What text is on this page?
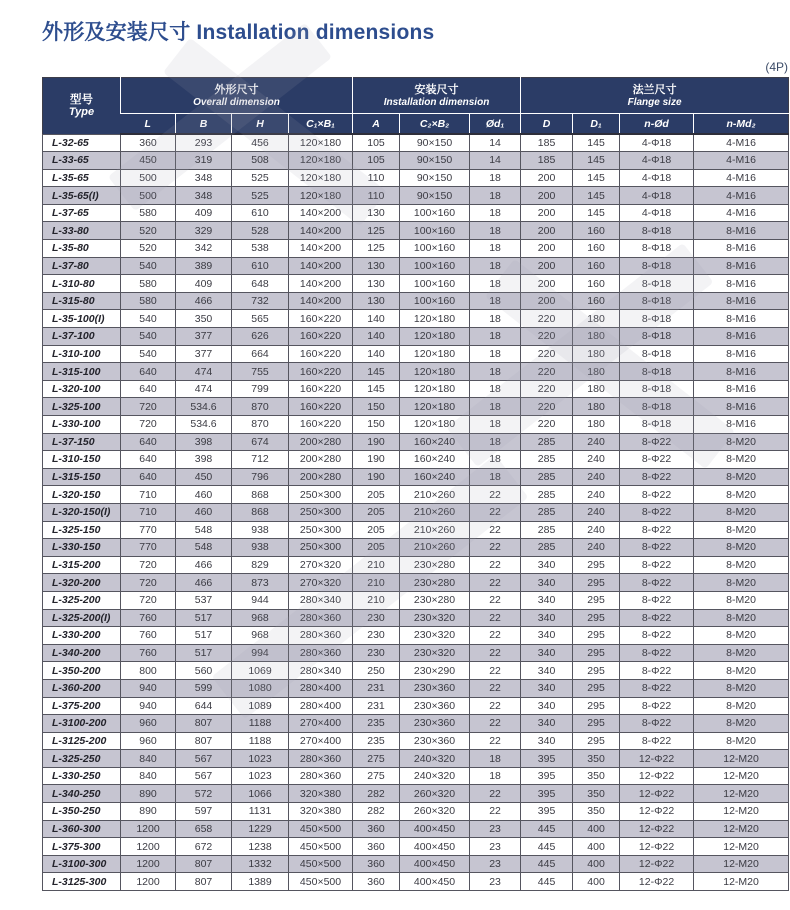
外形及安装尺寸 Installation dimensions
(4P)
型号
Type

外形尺寸
Overall dimension

安装尺寸
Installation dimension

法兰尺寸
Flange size

	L	B	H	C₁×B₁	A	C₂×B₂	Ød₁	D	D₁	n-Ød	n-Md₂
L-32-65	360	293	456	120×180	105	90×150	14	185	145	4-Φ18	4-M16
L-33-65	450	319	508	120×180	105	90×150	14	185	145	4-Φ18	4-M16
L-35-65	500	348	525	120×180	110	90×150	18	200	145	4-Φ18	4-M16
L-35-65(I)	500	348	525	120×180	110	90×150	18	200	145	4-Φ18	4-M16
L-37-65	580	409	610	140×200	130	100×160	18	200	145	4-Φ18	4-M16
L-33-80	520	329	528	140×200	125	100×160	18	200	160	8-Φ18	8-M16
L-35-80	520	342	538	140×200	125	100×160	18	200	160	8-Φ18	8-M16
L-37-80	540	389	610	140×200	130	100×160	18	200	160	8-Φ18	8-M16
L-310-80	580	409	648	140×200	130	100×160	18	200	160	8-Φ18	8-M16
L-315-80	580	466	732	140×200	130	100×160	18	200	160	8-Φ18	8-M16
L-35-100(I)	540	350	565	160×220	140	120×180	18	220	180	8-Φ18	8-M16
L-37-100	540	377	626	160×220	140	120×180	18	220	180	8-Φ18	8-M16
L-310-100	540	377	664	160×220	140	120×180	18	220	180	8-Φ18	8-M16
L-315-100	640	474	755	160×220	145	120×180	18	220	180	8-Φ18	8-M16
L-320-100	640	474	799	160×220	145	120×180	18	220	180	8-Φ18	8-M16
L-325-100	720	534.6	870	160×220	150	120×180	18	220	180	8-Φ18	8-M16
L-330-100	720	534.6	870	160×220	150	120×180	18	220	180	8-Φ18	8-M16
L-37-150	640	398	674	200×280	190	160×240	18	285	240	8-Φ22	8-M20
L-310-150	640	398	712	200×280	190	160×240	18	285	240	8-Φ22	8-M20
L-315-150	640	450	796	200×280	190	160×240	18	285	240	8-Φ22	8-M20
L-320-150	710	460	868	250×300	205	210×260	22	285	240	8-Φ22	8-M20
L-320-150(I)	710	460	868	250×300	205	210×260	22	285	240	8-Φ22	8-M20
L-325-150	770	548	938	250×300	205	210×260	22	285	240	8-Φ22	8-M20
L-330-150	770	548	938	250×300	205	210×260	22	285	240	8-Φ22	8-M20
L-315-200	720	466	829	270×320	210	230×280	22	340	295	8-Φ22	8-M20
L-320-200	720	466	873	270×320	210	230×280	22	340	295	8-Φ22	8-M20
L-325-200	720	537	944	280×340	210	230×280	22	340	295	8-Φ22	8-M20
L-325-200(I)	760	517	968	280×360	230	230×320	22	340	295	8-Φ22	8-M20
L-330-200	760	517	968	280×360	230	230×320	22	340	295	8-Φ22	8-M20
L-340-200	760	517	994	280×360	230	230×320	22	340	295	8-Φ22	8-M20
L-350-200	800	560	1069	280×340	250	230×290	22	340	295	8-Φ22	8-M20
L-360-200	940	599	1080	280×400	231	230×360	22	340	295	8-Φ22	8-M20
L-375-200	940	644	1089	280×400	231	230×360	22	340	295	8-Φ22	8-M20
L-3100-200	960	807	1188	270×400	235	230×360	22	340	295	8-Φ22	8-M20
L-3125-200	960	807	1188	270×400	235	230×360	22	340	295	8-Φ22	8-M20
L-325-250	840	567	1023	280×360	275	240×320	18	395	350	12-Φ22	12-M20
L-330-250	840	567	1023	280×360	275	240×320	18	395	350	12-Φ22	12-M20
L-340-250	890	572	1066	320×380	282	260×320	22	395	350	12-Φ22	12-M20
L-350-250	890	597	1131	320×380	282	260×320	22	395	350	12-Φ22	12-M20
L-360-300	1200	658	1229	450×500	360	400×450	23	445	400	12-Φ22	12-M20
L-375-300	1200	672	1238	450×500	360	400×450	23	445	400	12-Φ22	12-M20
L-3100-300	1200	807	1332	450×500	360	400×450	23	445	400	12-Φ22	12-M20
L-3125-300	1200	807	1389	450×500	360	400×450	23	445	400	12-Φ22	12-M20
